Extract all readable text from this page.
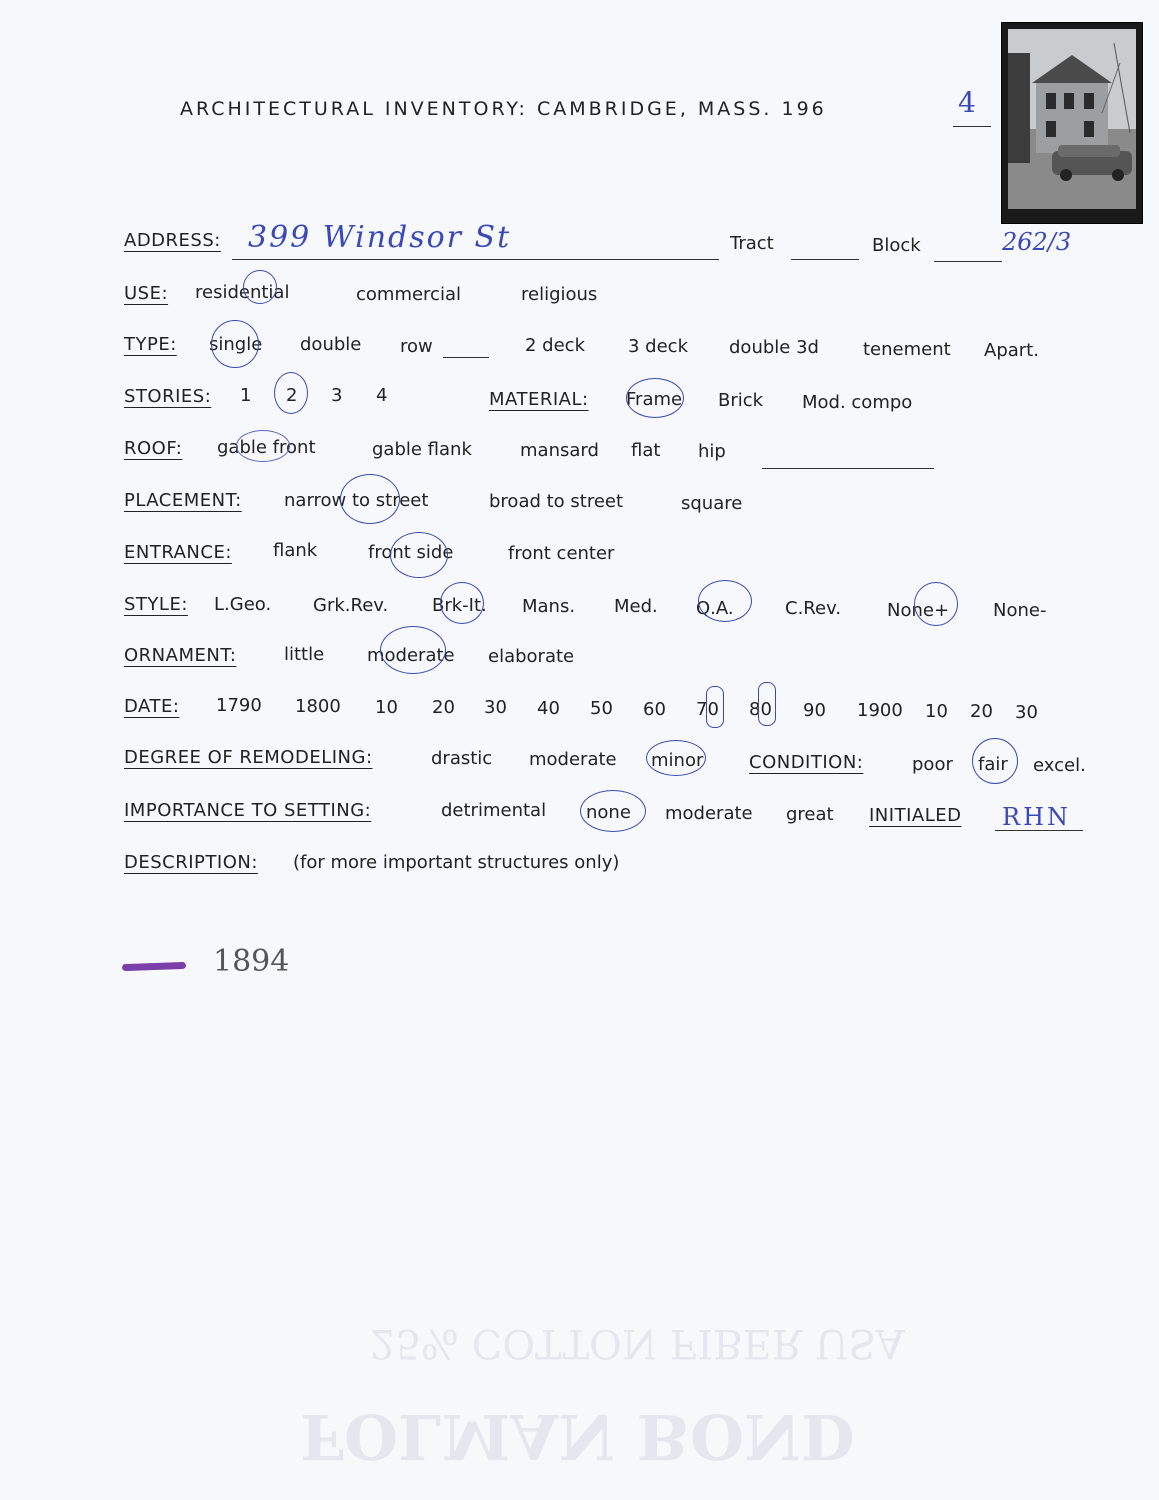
25% COTTON FIBER USA
FOLMAN BOND
ARCHITECTURAL INVENTORY: CAMBRIDGE, MASS. 196	4
ADDRESS: 399 Windsor St	Tract	Block	262/3
USE: residential	commercial	religious
TYPE: single double row	2 deck 3 deck double 3d tenement Apart.
STORIES: 1 2 3 4	MATERIAL: Frame Brick Mod. compo
ROOF: gable front	gable flank	mansard flat hip
PLACEMENT: narrow to street	broad to street	square
ENTRANCE: flank	front side	front center
STYLE: L.Geo. Grk.Rev. Brk-It. Mans. Med. Q.A.	C.Rev.	None+ None-
ORNAMENT:	little moderate elaborate
DATE: 1790 1800 10 20 30 40 50 60 70 80 90 1900 10 20 30
DEGREE OF REMODELING:	drastic moderate minor	CONDITION:	poor fair excel.
IMPORTANCE TO SETTING:	detrimental none moderate great INITIALED RHN
DESCRIPTION: (for more important structures only)
1894
